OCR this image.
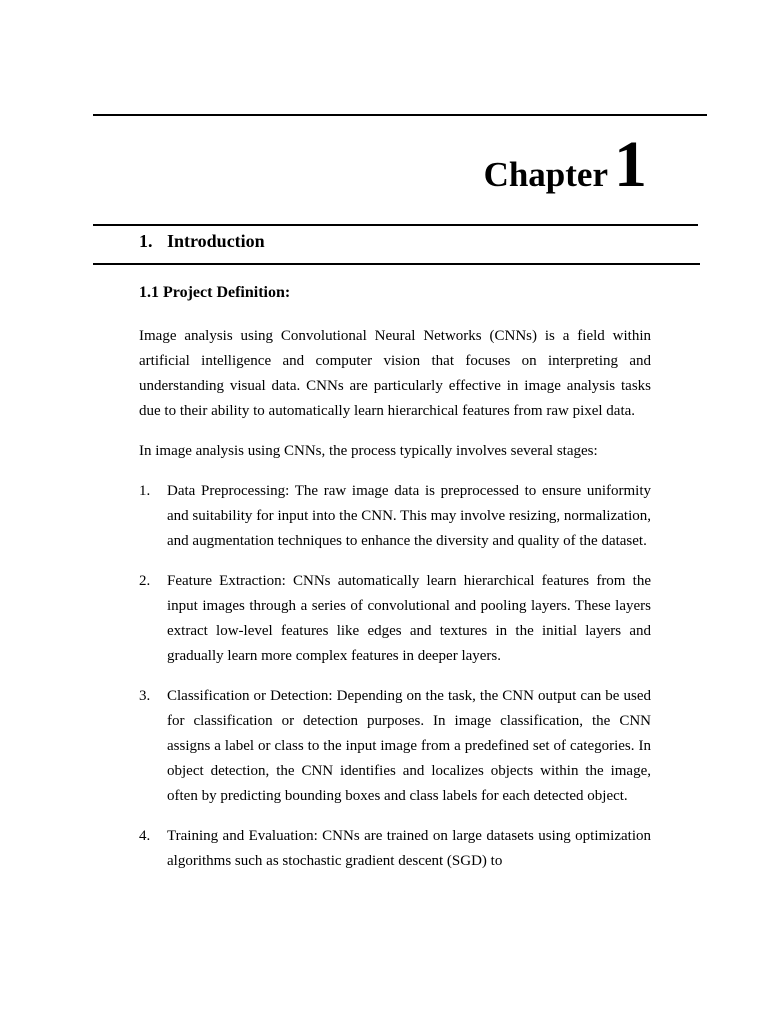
Chapter1
1. Introduction
1.1 Project Definition:

Image analysis using Convolutional Neural Networks (CNNs) is a field within artificial intelligence and computer vision that focuses on interpreting and understanding visual data. CNNs are particularly effective in image analysis tasks due to their ability to automatically learn hierarchical features from raw pixel data.

In image analysis using CNNs, the process typically involves several stages:

1. Data Preprocessing: The raw image data is preprocessed to ensure uniformity and suitability for input into the CNN. This may involve resizing, normalization, and augmentation techniques to enhance the diversity and quality of the dataset.
2. Feature Extraction: CNNs automatically learn hierarchical features from the input images through a series of convolutional and pooling layers. These layers extract low-level features like edges and textures in the initial layers and gradually learn more complex features in deeper layers.
3. Classification or Detection: Depending on the task, the CNN output can be used for classification or detection purposes. In image classification, the CNN assigns a label or class to the input image from a predefined set of categories. In object detection, the CNN identifies and localizes objects within the image, often by predicting bounding boxes and class labels for each detected object.
4. Training and Evaluation: CNNs are trained on large datasets using optimization algorithms such as stochastic gradient descent (SGD) to
